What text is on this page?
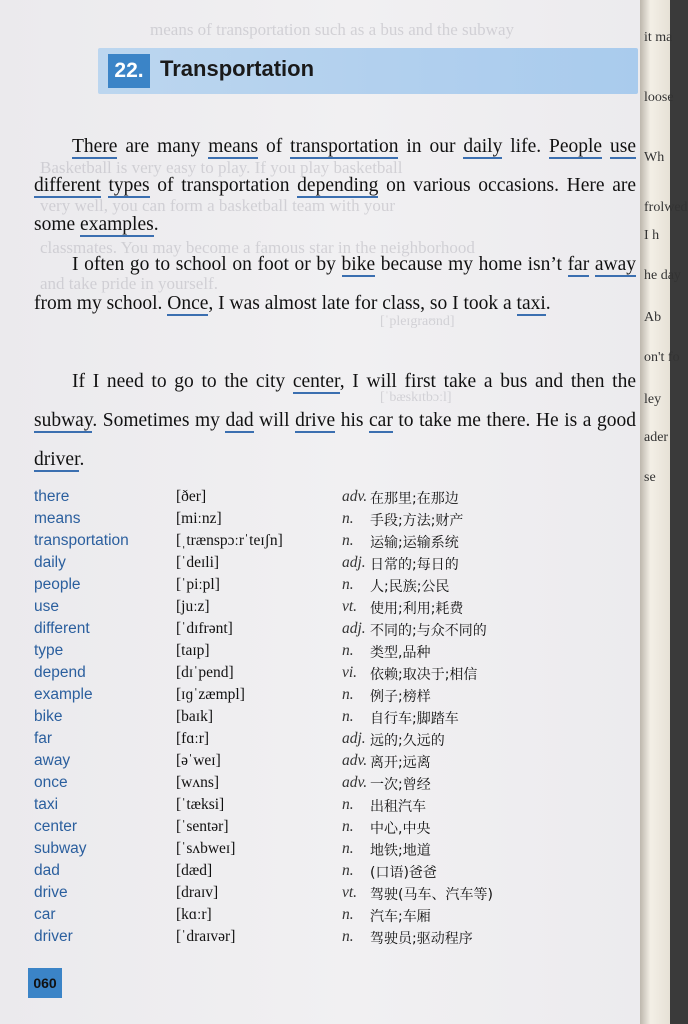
means of transportation such as a bus and the subway
Basketball is very easy to play. If you play basketball
very well, you can form a basketball team with your
classmates. You may become a famous star in the neighborhood
and take pride in yourself.
[ˈpleɪgraʊnd]
[ˈbæskɪtbɔːl]
22. Transportation

There are many means of transportation in our daily life. People use different types of transportation depending on various occasions. Here are some examples.

I often go to school on foot or by bike because my home isn’t far away from my school. Once, I was almost late for class, so I took a taxi.

If I need to go to the city center, I will first take a bus and then the subway. Sometimes my dad will drive his car to take me there. He is a good driver.

there	[ðer]	adv. 在那里;在那边
means	[miːnz]	n. 手段;方法;财产
transportation	[ˌtrænspɔːrˈteɪʃn]	n. 运输;运输系统
daily	[ˈdeɪli]	adj. 日常的;每日的
people	[ˈpiːpl]	n. 人;民族;公民
use	[juːz]	vt. 使用;利用;耗费
different	[ˈdɪfrənt]	adj. 不同的;与众不同的
type	[taɪp]	n. 类型,品种
depend	[dɪˈpend]	vi. 依赖;取决于;相信
example	[ɪɡˈzæmpl]	n. 例子;榜样
bike	[baɪk]	n. 自行车;脚踏车
far	[fɑːr]	adj. 远的;久远的
away	[əˈweɪ]	adv. 离开;远离
once	[wʌns]	adv. 一次;曾经
taxi	[ˈtæksi]	n. 出租汽车
center	[ˈsentər]	n. 中心,中央
subway	[ˈsʌbweɪ]	n. 地铁;地道
dad	[dæd]	n. (口语)爸爸
drive	[draɪv]	vt. 驾驶(马车、汽车等)
car	[kɑːr]	n. 汽车;车厢
driver	[ˈdraɪvər]	n. 驾驶员;驱动程序
060
it ma
loose
Wh
frolwed
I h
he day
Ab
on't fo
ley
ader
se
